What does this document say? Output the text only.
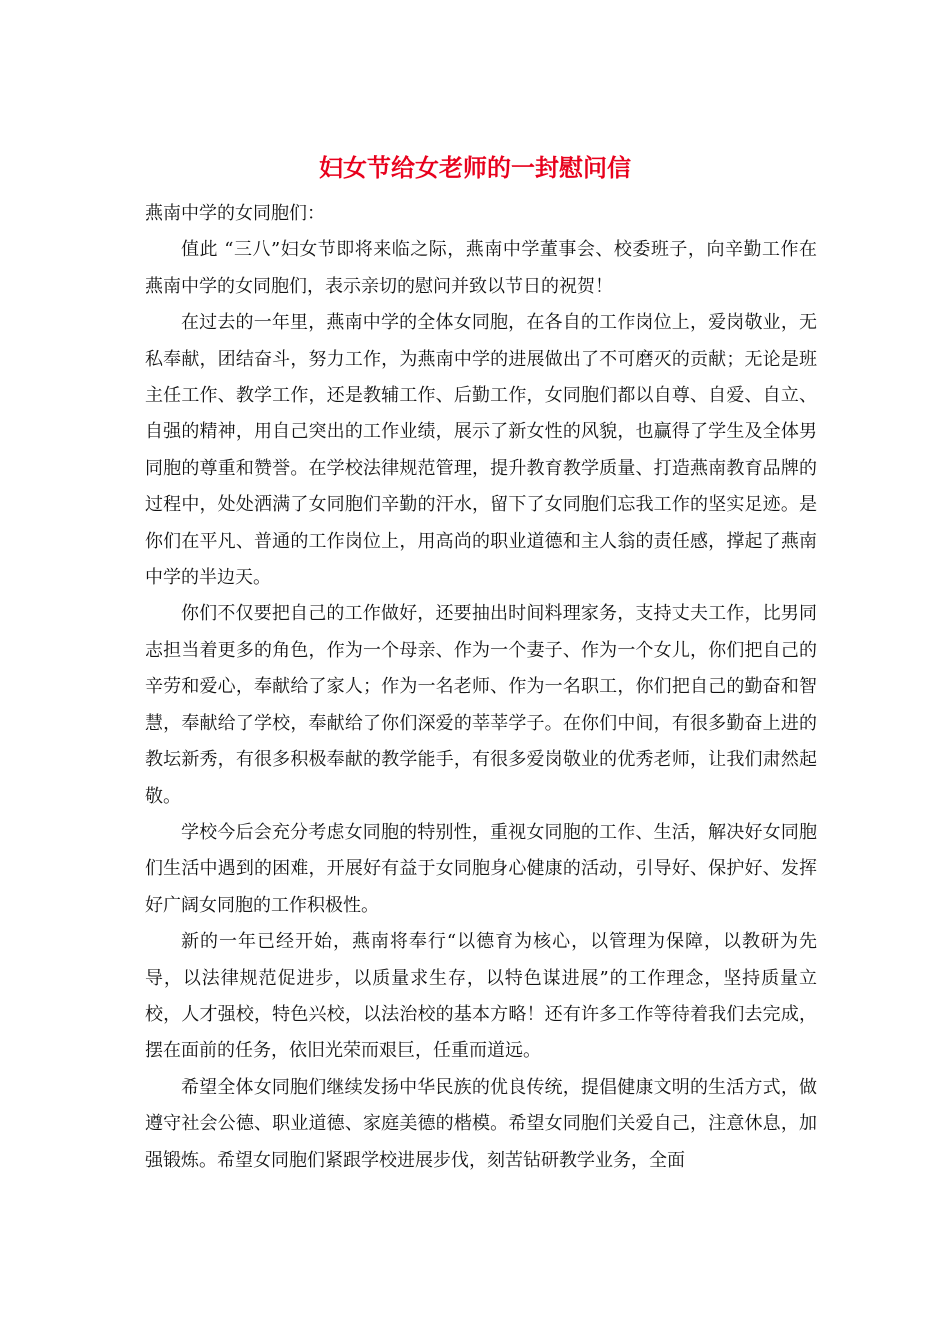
妇女节给女老师的一封慰问信

燕南中学的女同胞们：

值此 “三八”妇女节即将来临之际，燕南中学董事会、校委班子，向辛勤工作在燕南中学的女同胞们，表示亲切的慰问并致以节日的祝贺！

在过去的一年里，燕南中学的全体女同胞，在各自的工作岗位上，爱岗敬业，无私奉献，团结奋斗，努力工作，为燕南中学的进展做出了不可磨灭的贡献；无论是班主任工作、教学工作，还是教辅工作、后勤工作，女同胞们都以自尊、自爱、自立、自强的精神，用自己突出的工作业绩，展示了新女性的风貌，也赢得了学生及全体男同胞的尊重和赞誉。在学校法律规范管理，提升教育教学质量、打造燕南教育品牌的过程中，处处洒满了女同胞们辛勤的汗水，留下了女同胞们忘我工作的坚实足迹。是你们在平凡、普通的工作岗位上，用高尚的职业道德和主人翁的责任感，撑起了燕南中学的半边天。

你们不仅要把自己的工作做好，还要抽出时间料理家务，支持丈夫工作，比男同志担当着更多的角色，作为一个母亲、作为一个妻子、作为一个女儿，你们把自己的辛劳和爱心，奉献给了家人；作为一名老师、作为一名职工，你们把自己的勤奋和智慧，奉献给了学校，奉献给了你们深爱的莘莘学子。在你们中间，有很多勤奋上进的教坛新秀，有很多积极奉献的教学能手，有很多爱岗敬业的优秀老师，让我们肃然起敬。

学校今后会充分考虑女同胞的特别性，重视女同胞的工作、生活，解决好女同胞们生活中遇到的困难，开展好有益于女同胞身心健康的活动，引导好、保护好、发挥好广阔女同胞的工作积极性。

新的一年已经开始，燕南将奉行“以德育为核心，以管理为保障，以教研为先导，以法律规范促进步，以质量求生存，以特色谋进展”的工作理念，坚持质量立校，人才强校，特色兴校，以法治校的基本方略！还有许多工作等待着我们去完成，摆在面前的任务，依旧光荣而艰巨，任重而道远。

希望全体女同胞们继续发扬中华民族的优良传统，提倡健康文明的生活方式，做遵守社会公德、职业道德、家庭美德的楷模。希望女同胞们关爱自己，注意休息，加强锻炼。希望女同胞们紧跟学校进展步伐，刻苦钻研教学业务，全面
